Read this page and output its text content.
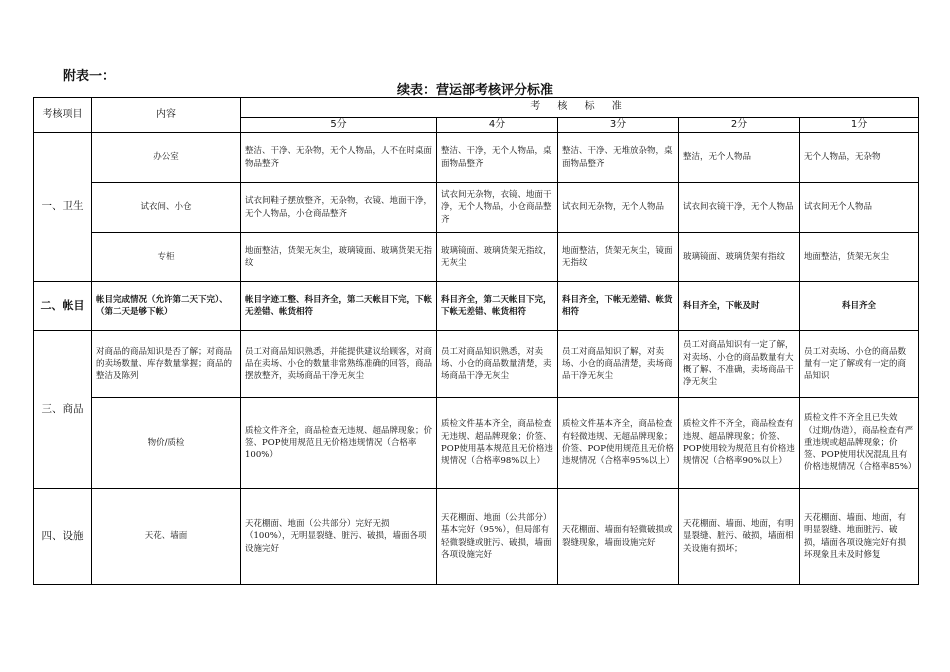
附表一：
续表：营运部考核评分标准
考核项目	内容	考 核 标 准				
		5分	4分	3分	2分	1分
一、卫生	办公室	整洁、干净、无杂物，无个人物品，人不在时桌面物品整齐	整洁、干净，无个人物品，桌面物品整齐	整洁、干净、无堆放杂物，桌面物品整齐	整洁，无个人物品	无个人物品，无杂物
	试衣间、小仓	试衣间鞋子摆放整齐，无杂物，衣镜、地面干净，无个人物品，小仓商品整齐	试衣间无杂物，衣镜、地面干净，无个人物品，小仓商品整齐	试衣间无杂物，无个人物品	试衣间衣镜干净，无个人物品	试衣间无个人物品
	专柜	地面整洁，货架无灰尘，玻璃镜面、玻璃货架无指纹	玻璃镜面、玻璃货架无指纹，无灰尘	地面整洁，货架无灰尘，镜面无指纹	玻璃镜面、玻璃货架有指纹	地面整洁，货架无灰尘
二、帐目	帐目完成情况（允许第二天下完）、（第二天是够下帐）	帐目字迹工整、科目齐全，第二天帐目下完，下帐无差错、帐货相符	科目齐全，第二天帐目下完，下帐无差错、帐货相符	科目齐全，下帐无差错、帐货相符	科目齐全，下帐及时	科目齐全
三、商品	对商品的商品知识是否了解；对商品的卖场数量、库存数量掌握；商品的整洁及陈列	员工对商品知识熟悉，并能提供建议给顾客，对商品在卖场、小仓的数量非常熟练准确的回答，商品摆放整齐，卖场商品干净无灰尘	员工对商品知识熟悉，对卖场、小仓的商品数量清楚，卖场商品干净无灰尘	员工对商品知识了解，对卖场、小仓的商品清楚，卖场商品干净无灰尘	员工对商品知识有一定了解，对卖场、小仓的商品数量有大概了解、不准确，卖场商品干净无灰尘	员工对卖场、小仓的商品数量有一定了解或有一定的商品知识
	物价/质检	质检文件齐全，商品检查无违规、超品牌现象；价签、POP使用规范且无价格违规情况（合格率100%）	质检文件基本齐全，商品检查无违规、超品牌现象；价签、POP使用基本规范且无价格违规情况（合格率98%以上）	质检文件基本齐全，商品检查有轻微违规、无超品牌现象；价签、POP使用规范且无价格违规情况（合格率95%以上）	质检文件不齐全，商品检查有违规、超品牌现象；价签、POP使用较为规范且有价格违规情况（合格率90%以上）	质检文件不齐全且已失效（过期/伪造），商品检查有严重违规或超品牌现象；价签、POP使用状况混乱且有价格违规情况（合格率85%）
四、设施	天花、墙面	天花棚面、地面（公共部分）完好无损（100%），无明显裂缝、脏污、破损，墙面各项设施完好	天花棚面、地面（公共部分）基本完好（95%），但局部有轻微裂缝或脏污、破损，墙面各项设施完好	天花棚面、墙面有轻微破损或裂缝现象，墙面设施完好	天花棚面、墙面、地面，有明显裂缝、脏污、破损，墙面相关设施有损坏；	天花棚面、墙面、地面，有明显裂缝、地面脏污、破损，墙面各项设施完好有损坏现象且未及时修复
